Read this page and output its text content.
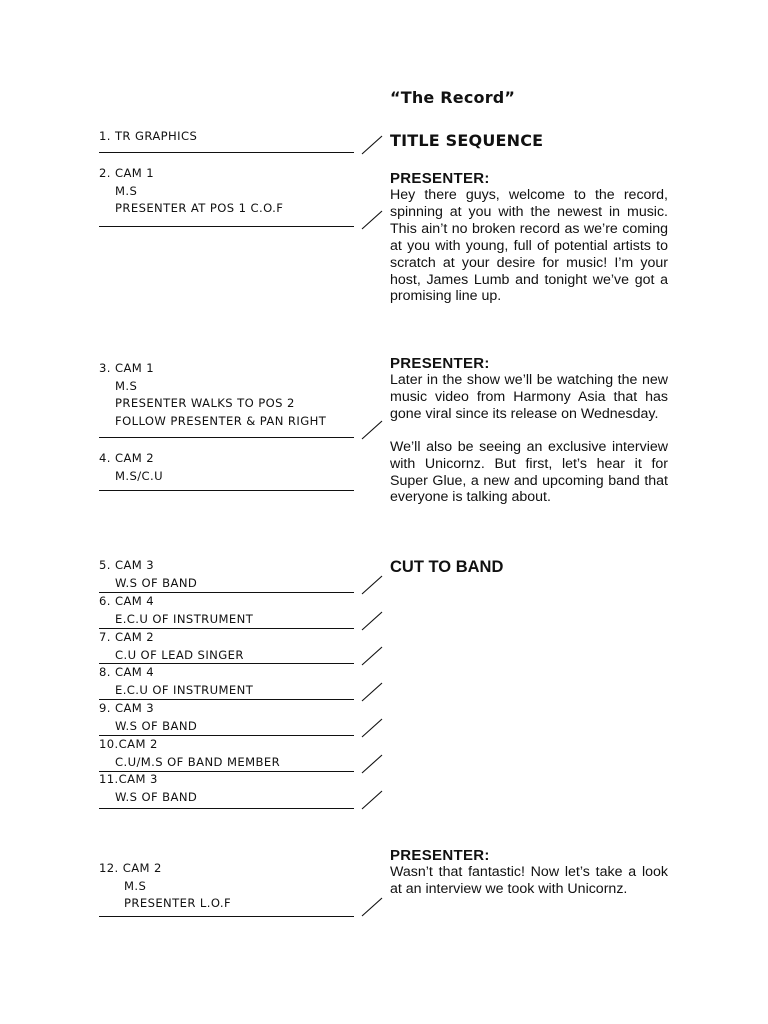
“The Record”
1. TR GRAPHICS
2. CAM 1
M.S
PRESENTER AT POS 1 C.O.F
3. CAM 1
M.S
PRESENTER WALKS TO POS 2
FOLLOW PRESENTER & PAN RIGHT
4. CAM 2
M.S/C.U
5. CAM 3
W.S OF BAND
6. CAM 4
E.C.U OF INSTRUMENT
7. CAM 2
C.U OF LEAD SINGER
8. CAM 4
E.C.U OF INSTRUMENT
9. CAM 3
W.S OF BAND
10.CAM 2
C.U/M.S OF BAND MEMBER
11.CAM 3
W.S OF BAND
12. CAM 2
M.S
PRESENTER L.O.F
TITLE SEQUENCE
PRESENTER:
Hey there guys, welcome to the record, spinning at you with the newest in music. This ain’t no broken record as we’re coming at you with young, full of potential artists to scratch at your desire for music! I’m your host, James Lumb and tonight we’ve got a promising line up.
PRESENTER:
Later in the show we’ll be watching the new music video from Harmony Asia that has gone viral since its release on Wednesday.
We’ll also be seeing an exclusive interview with Unicornz. But first, let’s hear it for Super Glue, a new and upcoming band that everyone is talking about.
CUT TO BAND
PRESENTER:
Wasn’t that fantastic! Now let’s take a look at an interview we took with Unicornz.
